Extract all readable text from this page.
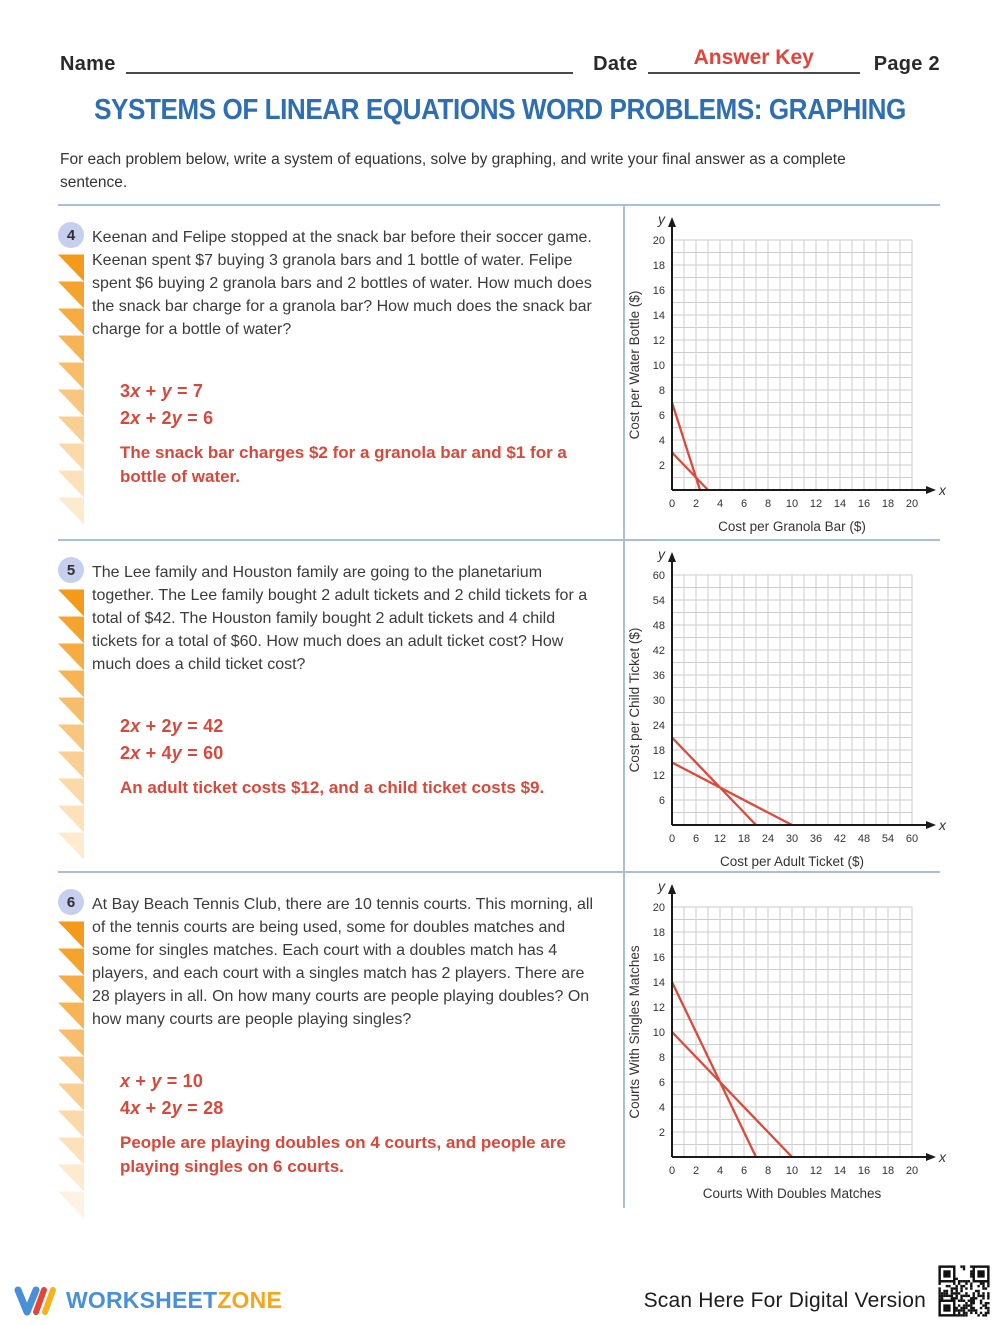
Name	Date	Answer Key	Page 2
SYSTEMS OF LINEAR EQUATIONS WORD PROBLEMS: GRAPHING

For each problem below, write a system of equations, solve by graphing, and write your final answer as a complete sentence.

4	Keenan and Felipe stopped at the snack bar before their soccer game. Keenan spent $7 buying 3 granola bars and 1 bottle of water. Felipe spent $6 buying 2 granola bars and 2 bottles of water. How much does the snack bar charge for a granola bar? How much does the snack bar charge for a bottle of water?

3x + y = 7

2x + 2y = 6

The snack bar charges $2 for a granola bar and $1 for a bottle of water.

y
x
0 2 4 6 8 10 12 14 16 18 20
2
4
6
8
10
12
14
16
18
20
Cost per Granola Bar ($)
Cost per Water Bottle ($)
5	The Lee family and Houston family are going to the planetarium together. The Lee family bought 2 adult tickets and 2 child tickets for a total of $42. The Houston family bought 2 adult tickets and 4 child tickets for a total of $60. How much does an adult ticket cost? How much does a child ticket cost?

2x + 2y = 42

2x + 4y = 60

An adult ticket costs $12, and a child ticket costs $9.

y
x
0 6 12 18 24 30 36 42 48 54 60
6
12
18
24
30
36
42
48
54
60
Cost per Adult Ticket ($)
Cost per Child Ticket ($)
6	At Bay Beach Tennis Club, there are 10 tennis courts. This morning, all of the tennis courts are being used, some for doubles matches and some for singles matches. Each court with a doubles match has 4 players, and each court with a singles match has 2 players. There are 28 players in all. On how many courts are people playing doubles? On how many courts are people playing singles?

x + y = 10

4x + 2y = 28

People are playing doubles on 4 courts, and people are playing singles on 6 courts.

y
x
0 2 4 6 8 10 12 14 16 18 20
2
4
6
8
10
12
14
16
18
20
Courts With Doubles Matches
Courts With Singles Matches
WORKSHEETZONE	Scan Here For Digital Version
